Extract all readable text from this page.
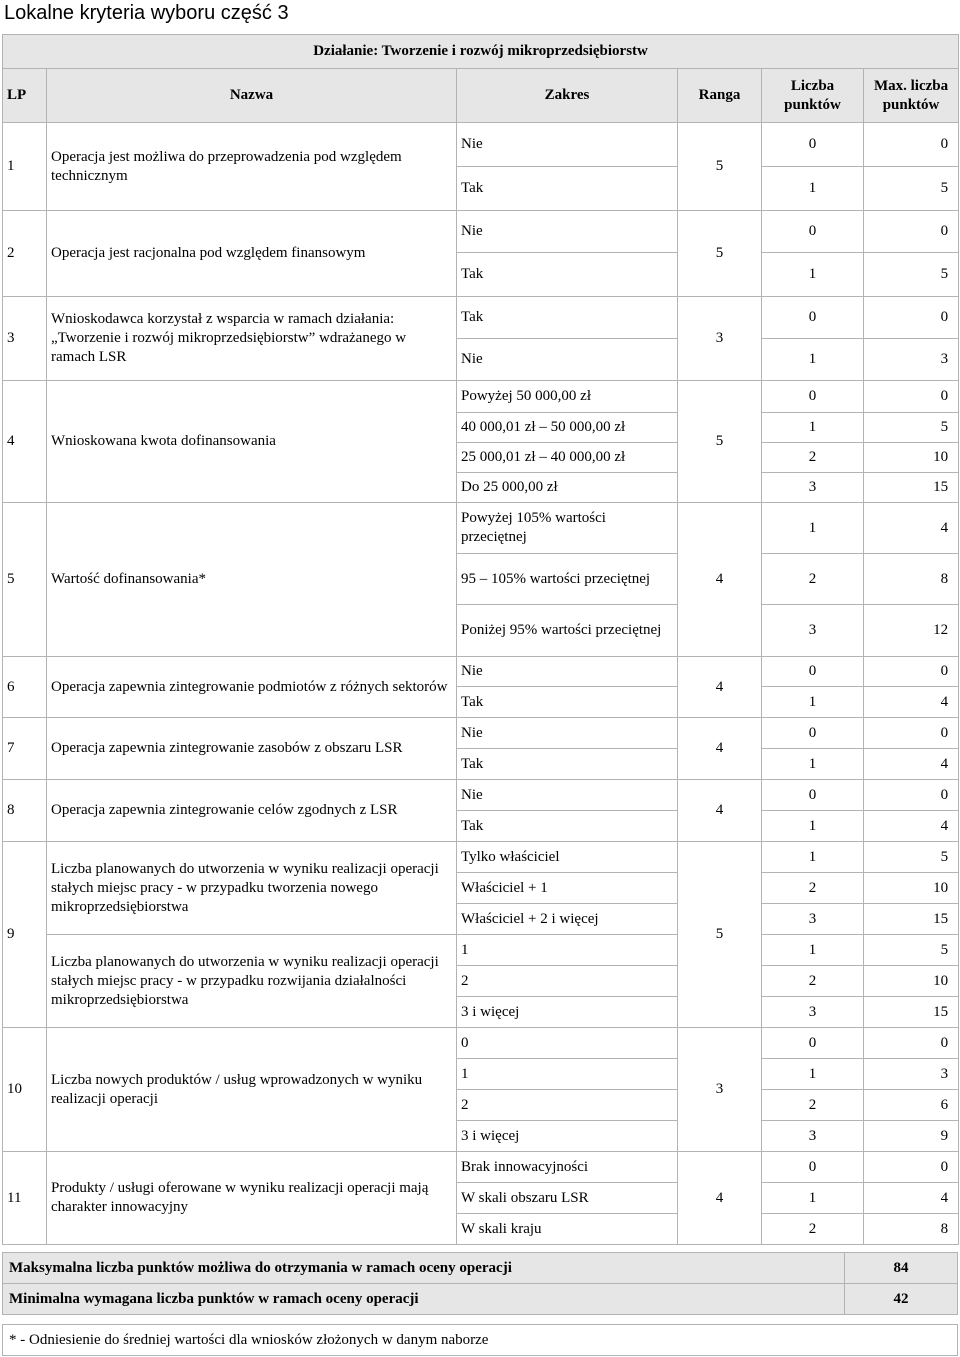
Lokalne kryteria wyboru część 3
Działanie: Tworzenie i rozwój mikroprzedsiębiorstw					
LP	Nazwa	Zakres	Ranga	Liczba punktów	Max. liczba punktów
1	Operacja jest możliwa do przeprowadzenia pod względem technicznym	Nie	5	0	0
		Tak		1	5
2	Operacja jest racjonalna pod względem finansowym	Nie	5	0	0
		Tak		1	5
3	Wnioskodawca korzystał z wsparcia w ramach działania: „Tworzenie i rozwój mikroprzedsiębiorstw” wdrażanego w ramach LSR	Tak	3	0	0
		Nie		1	3
4	Wnioskowana kwota dofinansowania	Powyżej 50 000,00 zł	5	0	0
		40 000,01 zł – 50 000,00 zł		1	5
		25 000,01 zł – 40 000,00 zł		2	10
		Do 25 000,00 zł		3	15
5	Wartość dofinansowania*	Powyżej 105% wartości przeciętnej	4	1	4
		95 – 105% wartości przeciętnej		2	8
		Poniżej 95% wartości przeciętnej		3	12
6	Operacja zapewnia zintegrowanie podmiotów z różnych sektorów	Nie	4	0	0
		Tak		1	4
7	Operacja zapewnia zintegrowanie zasobów z obszaru LSR	Nie	4	0	0
		Tak		1	4
8	Operacja zapewnia zintegrowanie celów zgodnych z LSR	Nie	4	0	0
		Tak		1	4
9	Liczba planowanych do utworzenia w wyniku realizacji operacji stałych miejsc pracy - w przypadku tworzenia nowego mikroprzedsiębiorstwa	Tylko właściciel	5	1	5
		Właściciel + 1		2	10
		Właściciel + 2 i więcej		3	15
	Liczba planowanych do utworzenia w wyniku realizacji operacji stałych miejsc pracy - w przypadku rozwijania działalności mikroprzedsiębiorstwa	1		1	5
		2		2	10
		3 i więcej		3	15
10	Liczba nowych produktów / usług wprowadzonych w wyniku realizacji operacji	0	3	0	0
		1		1	3
		2		2	6
		3 i więcej		3	9
11	Produkty / usługi oferowane w wyniku realizacji operacji mają charakter innowacyjny	Brak innowacyjności	4	0	0
		W skali obszaru LSR		1	4
		W skali kraju		2	8
Maksymalna liczba punktów możliwa do otrzymania w ramach oceny operacji	84
Minimalna wymagana liczba punktów w ramach oceny operacji	42
* - Odniesienie do średniej wartości dla wniosków złożonych w danym naborze
